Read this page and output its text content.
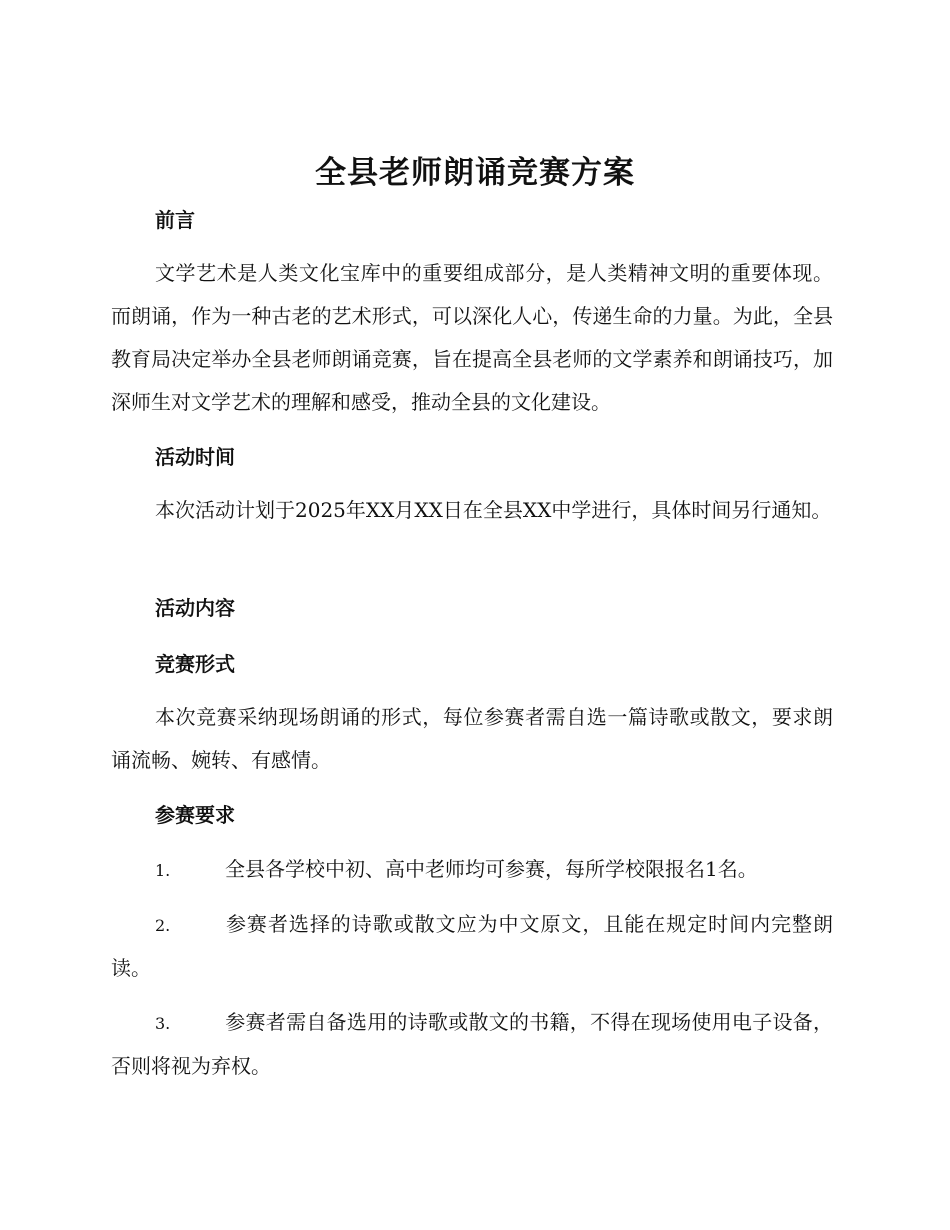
全县老师朗诵竞赛方案
前言
文学艺术是人类文化宝库中的重要组成部分，是人类精神文明的重要体现。而朗诵，作为一种古老的艺术形式，可以深化人心，传递生命的力量。为此，全县教育局决定举办全县老师朗诵竞赛，旨在提高全县老师的文学素养和朗诵技巧，加深师生对文学艺术的理解和感受，推动全县的文化建设。
活动时间
本次活动计划于2025年XX月XX日在全县XX中学进行，具体时间另行通知。
活动内容
竞赛形式
本次竞赛采纳现场朗诵的形式，每位参赛者需自选一篇诗歌或散文，要求朗诵流畅、婉转、有感情。
参赛要求
1.	全县各学校中初、高中老师均可参赛，每所学校限报名1名。
2.	参赛者选择的诗歌或散文应为中文原文，且能在规定时间内完整朗读。
3.	参赛者需自备选用的诗歌或散文的书籍，不得在现场使用电子设备，否则将视为弃权。
